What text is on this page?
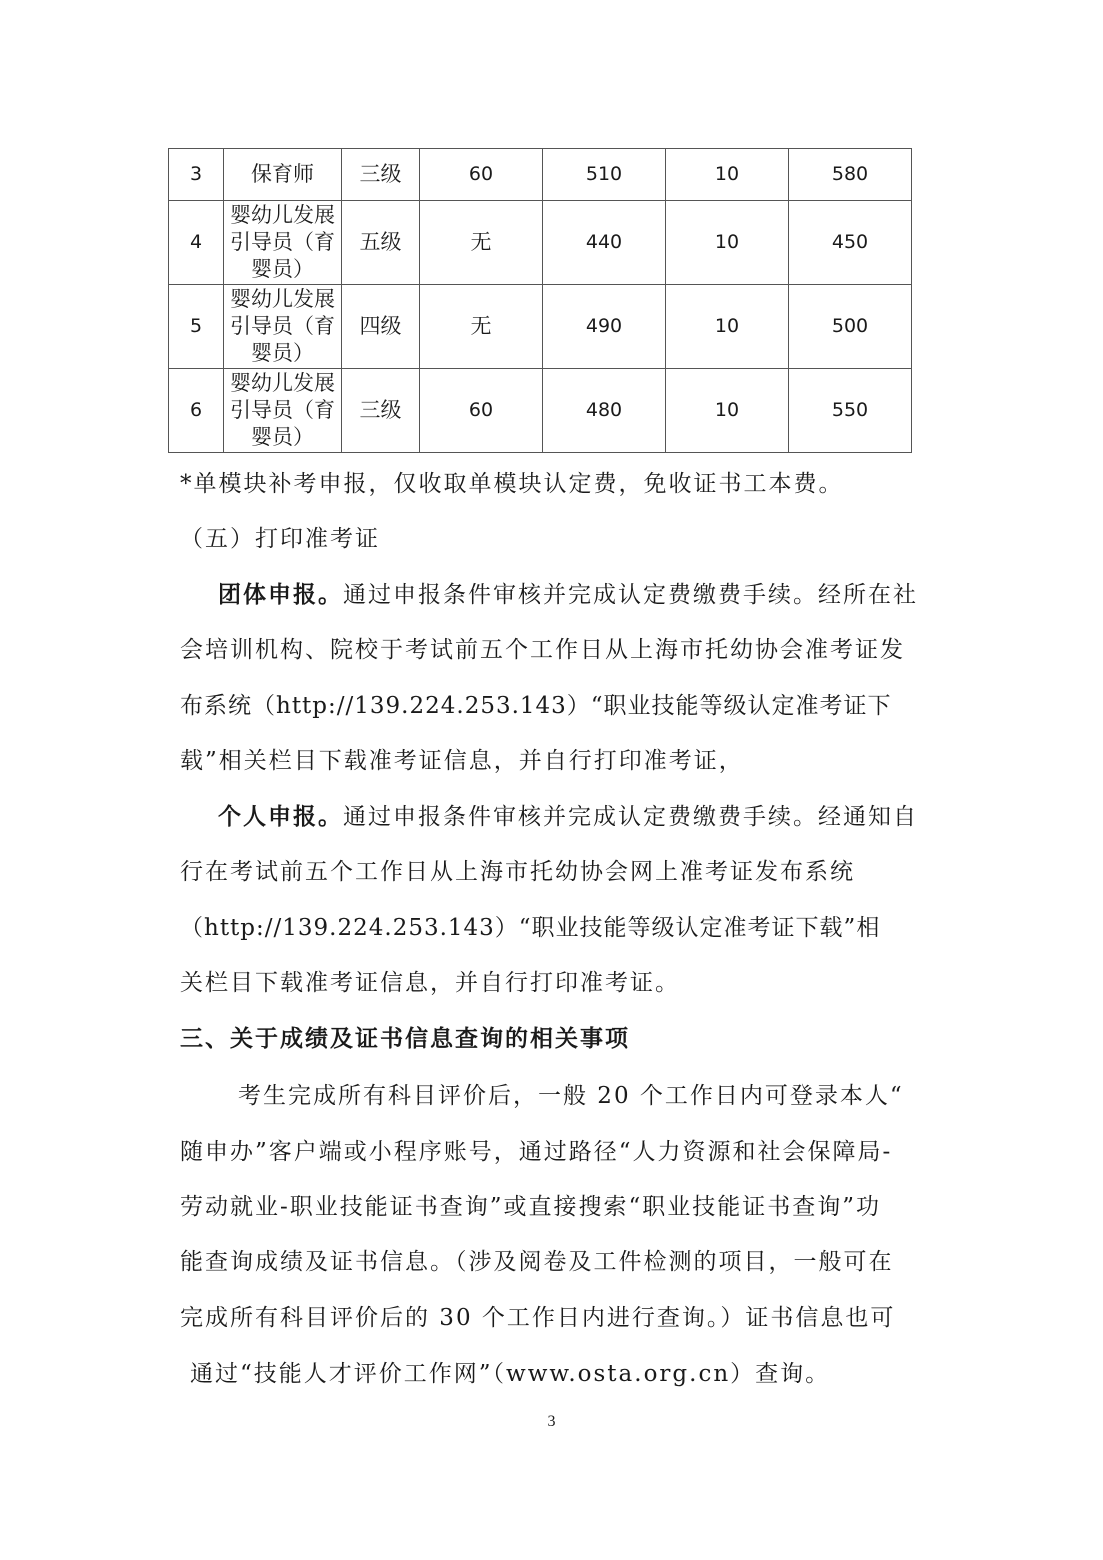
3	保育师	三级	60	510	10	580
4	婴幼儿发展
引导员（育
婴员）	五级	无	440	10	450
5	婴幼儿发展
引导员（育
婴员）	四级	无	490	10	500
6	婴幼儿发展
引导员（育
婴员）	三级	60	480	10	550
*单模块补考申报，仅收取单模块认定费，免收证书工本费。
（五）打印准考证
团体申报。通过申报条件审核并完成认定费缴费手续。经所在社
会培训机构、院校于考试前五个工作日从上海市托幼协会准考证发
布系统（http://139.224.253.143）“职业技能等级认定准考证下
载”相关栏目下载准考证信息，并自行打印准考证，
个人申报。通过申报条件审核并完成认定费缴费手续。经通知自
行在考试前五个工作日从上海市托幼协会网上准考证发布系统
（http://139.224.253.143）“职业技能等级认定准考证下载”相
关栏目下载准考证信息，并自行打印准考证。
三、关于成绩及证书信息查询的相关事项
考生完成所有科目评价后，一般 20 个工作日内可登录本人“
随申办”客户端或小程序账号，通过路径“人力资源和社会保障局-
劳动就业-职业技能证书查询”或直接搜索“职业技能证书查询”功
能查询成绩及证书信息。（涉及阅卷及工件检测的项目，一般可在
完成所有科目评价后的 30 个工作日内进行查询。）证书信息也可
通过“技能人才评价工作网”（www.osta.org.cn）查询。
3
